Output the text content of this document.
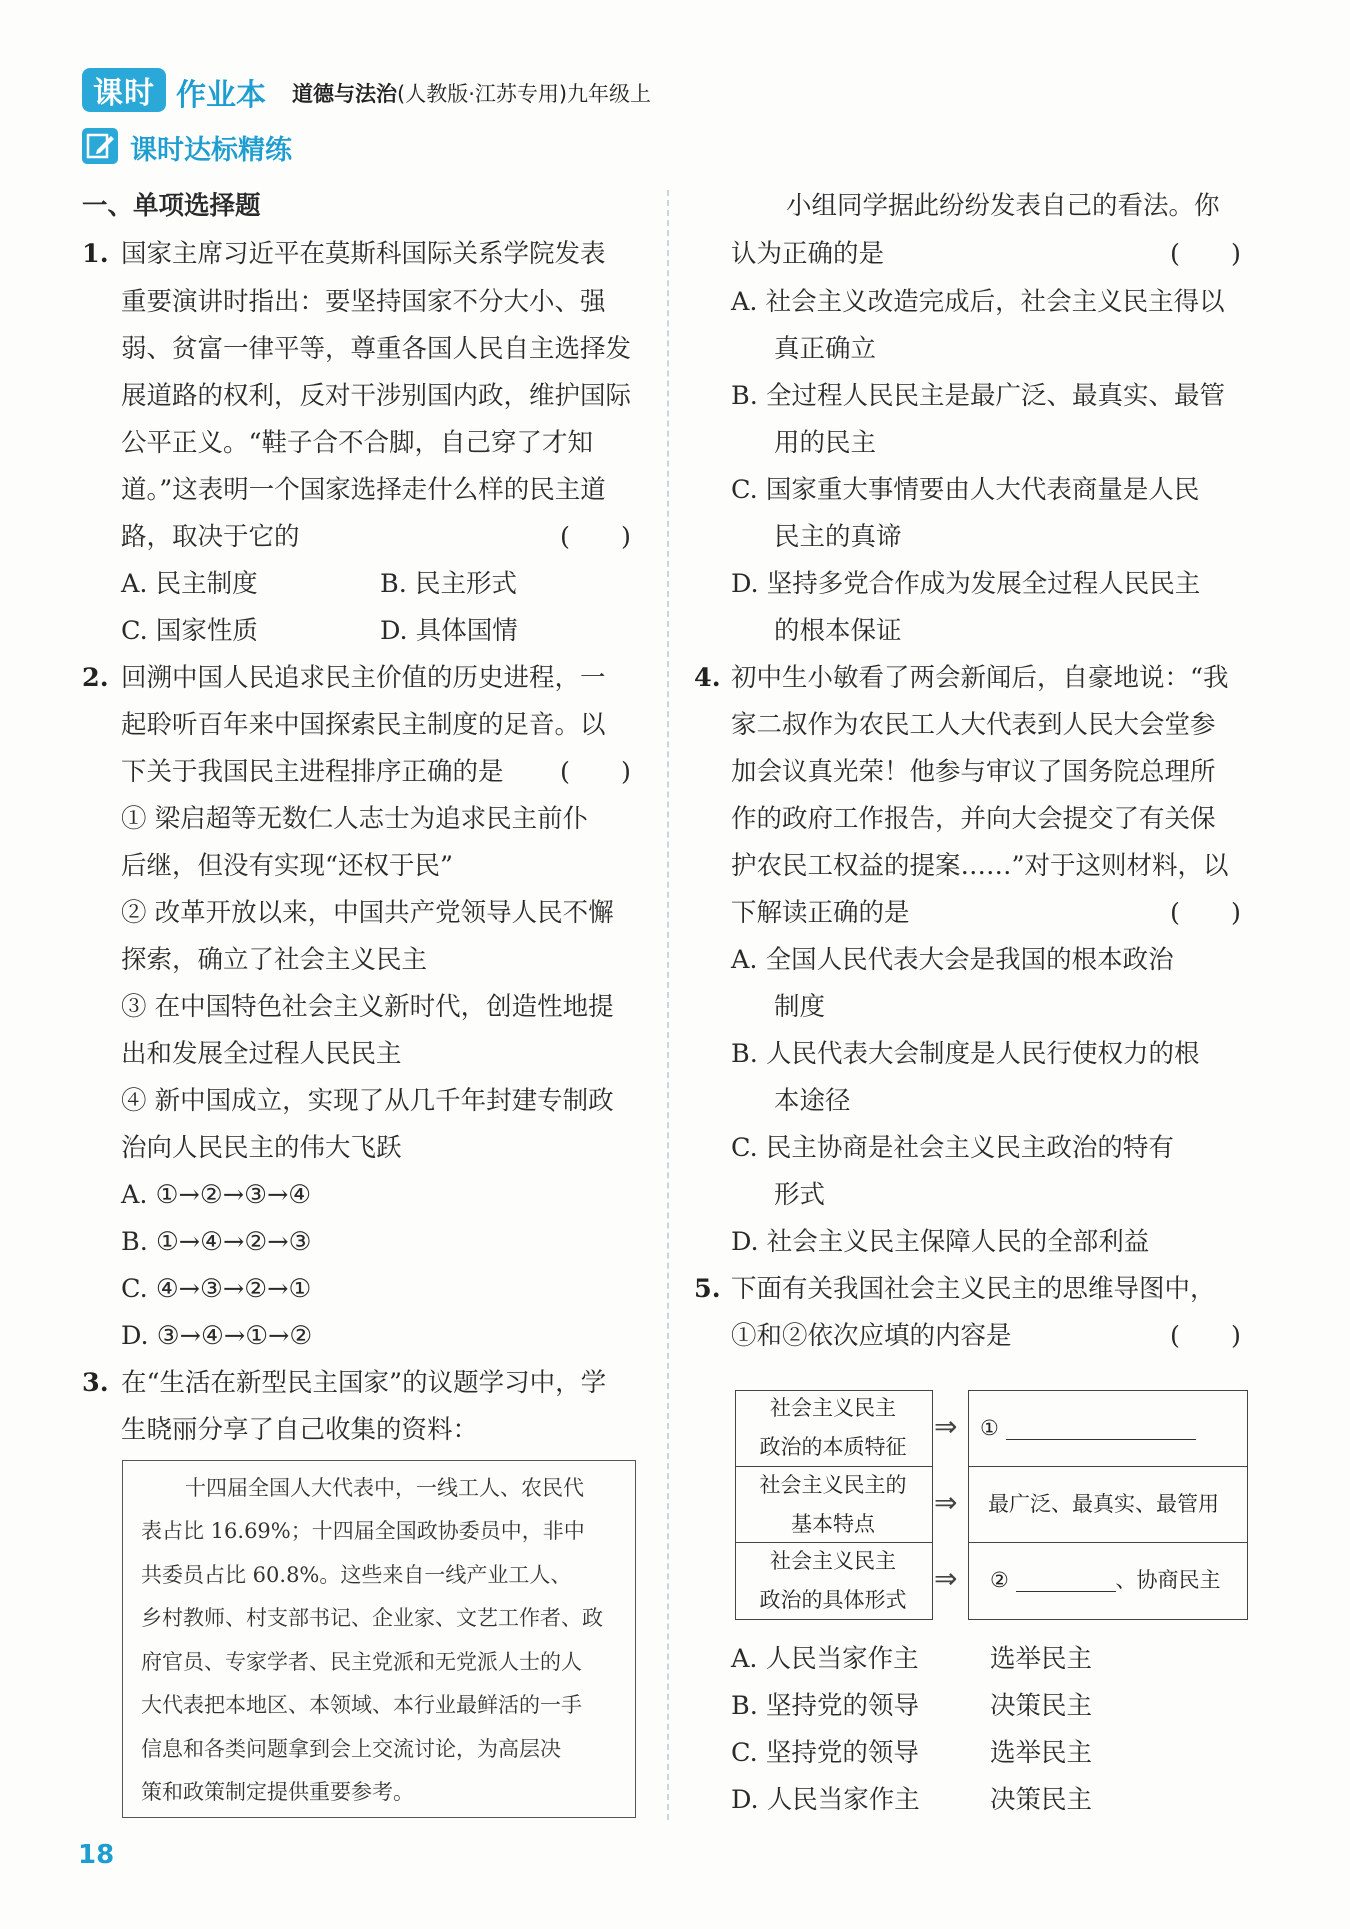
课时 作业本 道德与法治(人教版·江苏专用)九年级上
课时达标精练
一、单项选择题
1. 国家主席习近平在莫斯科国际关系学院发表
重要演讲时指出：要坚持国家不分大小、强
弱、贫富一律平等，尊重各国人民自主选择发
展道路的权利，反对干涉别国内政，维护国际
公平正义。“鞋子合不合脚，自己穿了才知
道。”这表明一个国家选择走什么样的民主道
路，取决于它的	(　　)
A. 民主制度	B. 民主形式
C. 国家性质	D. 具体国情
2. 回溯中国人民追求民主价值的历史进程，一
起聆听百年来中国探索民主制度的足音。以
下关于我国民主进程排序正确的是 (　　)
① 梁启超等无数仁人志士为追求民主前仆
后继，但没有实现“还权于民”
② 改革开放以来，中国共产党领导人民不懈
探索，确立了社会主义民主
③ 在中国特色社会主义新时代，创造性地提
出和发展全过程人民民主
④ 新中国成立，实现了从几千年封建专制政
治向人民民主的伟大飞跃
A. ①→②→③→④
B. ①→④→②→③
C. ④→③→②→①
D. ③→④→①→②
3. 在“生活在新型民主国家”的议题学习中，学
生晓丽分享了自己收集的资料：
十四届全国人大代表中，一线工人、农民代
表占比 16.69%；十四届全国政协委员中，非中
共委员占比 60.8%。这些来自一线产业工人、
乡村教师、村支部书记、企业家、文艺工作者、政
府官员、专家学者、民主党派和无党派人士的人
大代表把本地区、本领域、本行业最鲜活的一手
信息和各类问题拿到会上交流讨论，为高层决
策和政策制定提供重要参考。
18
小组同学据此纷纷发表自己的看法。你
认为正确的是	(　　)
A. 社会主义改造完成后，社会主义民主得以
真正确立
B. 全过程人民民主是最广泛、最真实、最管
用的民主
C. 国家重大事情要由人大代表商量是人民
民主的真谛
D. 坚持多党合作成为发展全过程人民民主
的根本保证
4. 初中生小敏看了两会新闻后，自豪地说：“我
家二叔作为农民工人大代表到人民大会堂参
加会议真光荣！他参与审议了国务院总理所
作的政府工作报告，并向大会提交了有关保
护农民工权益的提案……”对于这则材料，以
下解读正确的是	(　　)
A. 全国人民代表大会是我国的根本政治
制度
B. 人民代表大会制度是人民行使权力的根
本途径
C. 民主协商是社会主义民主政治的特有
形式
D. 社会主义民主保障人民的全部利益
5. 下面有关我国社会主义民主的思维导图中，
①和②依次应填的内容是	(　　)
社会主义民主
政治的本质特征
社会主义民主的
基本特点
社会主义民主
政治的具体形式
⇒
⇒
⇒
①
最广泛、最真实、最管用
②	、协商民主
A. 人民当家作主	选举民主
B. 坚持党的领导	决策民主
C. 坚持党的领导	选举民主
D. 人民当家作主	决策民主
